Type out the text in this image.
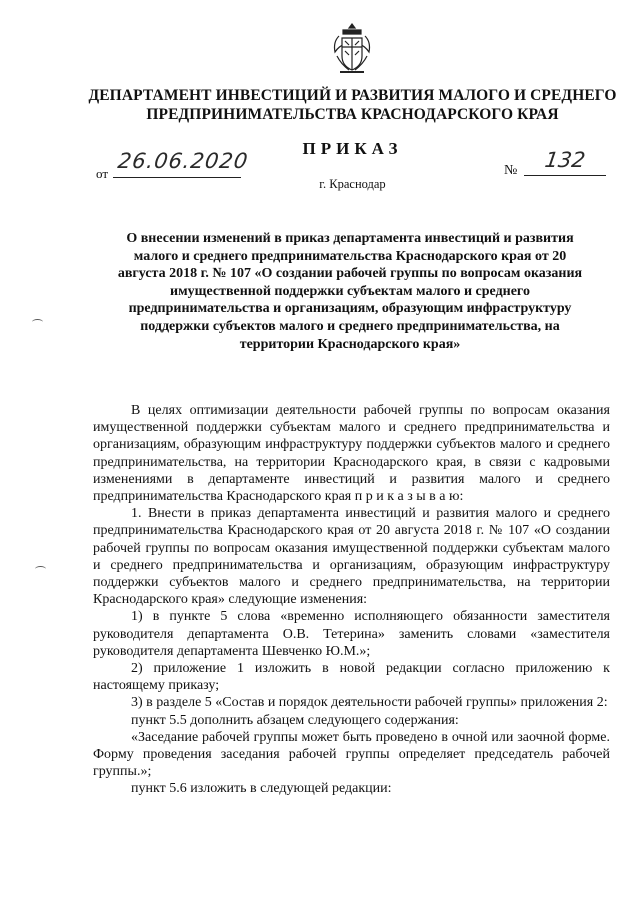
ДЕПАРТАМЕНТ ИНВЕСТИЦИЙ И РАЗВИТИЯ МАЛОГО И СРЕДНЕГО ПРЕДПРИНИМАТЕЛЬСТВА КРАСНОДАРСКОГО КРАЯ
ПРИКАЗ
от
26.06.2020	№	132
г. Краснодар
О внесении изменений в приказ департамента инвестиций и развития малого и среднего предпринимательства Краснодарского края от 20 августа 2018 г. № 107 «О создании рабочей группы по вопросам оказания имущественной поддержки субъектам малого и среднего предпринимательства и организациям, образующим инфраструктуру поддержки субъектов малого и среднего предпринимательства, на территории Краснодарского края»

В целях оптимизации деятельности рабочей группы по вопросам оказания имущественной поддержки субъектам малого и среднего предпринимательства и организациям, образующим инфраструктуру поддержки субъектов малого и среднего предпринимательства, на территории Краснодарского края, в связи с кадровыми изменениями в департаменте инвестиций и развития малого и среднего предпринимательства Краснодарского края п р и к а з ы в а ю:

1. Внести в приказ департамента инвестиций и развития малого и среднего предпринимательства Краснодарского края от 20 августа 2018 г. № 107 «О создании рабочей группы по вопросам оказания имущественной поддержки субъектам малого и среднего предпринимательства и организациям, образующим инфраструктуру поддержки субъектов малого и среднего предпринимательства, на территории Краснодарского края» следующие изменения:

1) в пункте 5 слова «временно исполняющего обязанности заместителя руководителя департамента О.В. Тетерина» заменить словами «заместителя руководителя департамента Шевченко Ю.М.»;

2) приложение 1 изложить в новой редакции согласно приложению к настоящему приказу;

3) в разделе 5 «Состав и порядок деятельности рабочей группы» приложения 2:

пункт 5.5 дополнить абзацем следующего содержания:

«Заседание рабочей группы может быть проведено в очной или заочной форме. Форму проведения заседания рабочей группы определяет председатель рабочей группы.»;

пункт 5.6 изложить в следующей редакции:
